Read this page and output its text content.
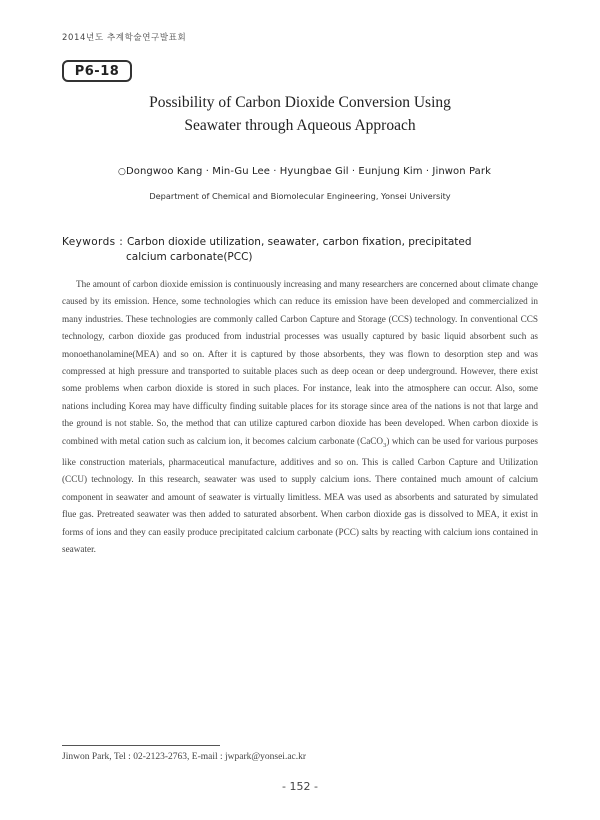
2014년도 추계학술연구발표회
P6-18
Possibility of Carbon Dioxide Conversion Using
Seawater through Aqueous Approach
○Dongwoo Kang · Min-Gu Lee · Hyungbae Gil · Eunjung Kim · Jinwon Park
Department of Chemical and Biomolecular Engineering, Yonsei University
Keywords : Carbon dioxide utilization, seawater, carbon fixation, precipitated
calcium carbonate(PCC)

The amount of carbon dioxide emission is continuously increasing and many researchers are concerned about climate change caused by its emission. Hence, some technologies which can reduce its emission have been developed and commercialized in many industries. These technologies are commonly called Carbon Capture and Storage (CCS) technology. In conventional CCS technology, carbon dioxide gas produced from industrial processes was usually captured by basic liquid absorbent such as monoethanolamine(MEA) and so on. After it is captured by those absorbents, they was flown to desorption step and was compressed at high pressure and transported to suitable places such as deep ocean or deep underground. However, there exist some problems when carbon dioxide is stored in such places. For instance, leak into the atmosphere can occur. Also, some nations including Korea may have difficulty finding suitable places for its storage since area of the nations is not that large and the ground is not stable. So, the method that can utilize captured carbon dioxide has been developed. When carbon dioxide is combined with metal cation such as calcium ion, it becomes calcium carbonate (CaCO$_3$) which can be used for various purposes like construction materials, pharmaceutical manufacture, additives and so on. This is called Carbon Capture and Utilization (CCU) technology. In this research, seawater was used to supply calcium ions. There contained much amount of calcium component in seawater and amount of seawater is virtually limitless. MEA was used as absorbents and saturated by simulated flue gas. Pretreated seawater was then added to saturated absorbent. When carbon dioxide gas is dissolved to MEA, it exist in forms of ions and they can easily produce precipitated calcium carbonate (PCC) salts by reacting with calcium ions contained in seawater.

Jinwon Park, Tel : 02-2123-2763, E-mail : jwpark@yonsei.ac.kr
- 152 -
